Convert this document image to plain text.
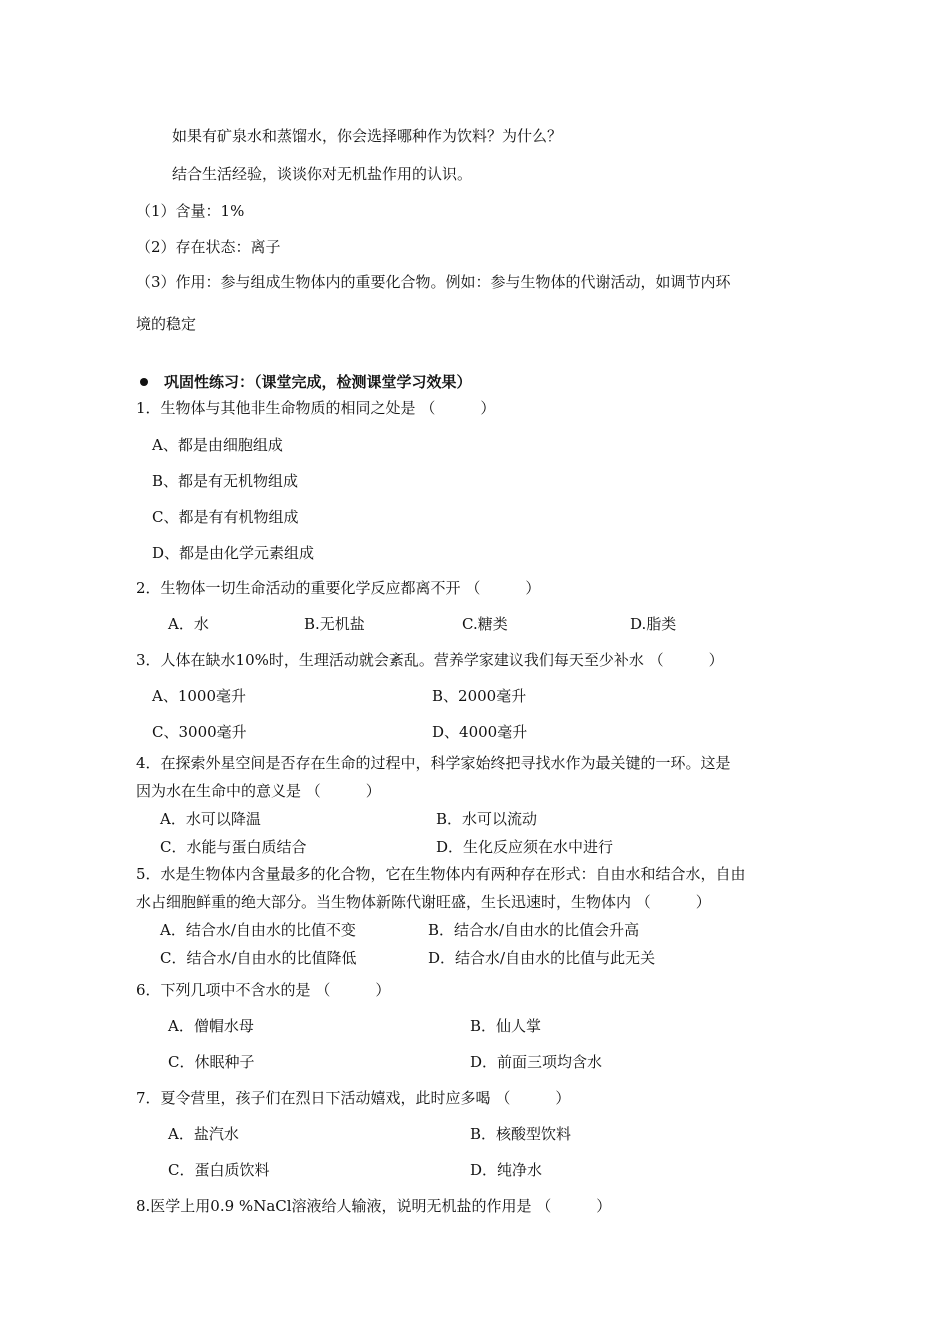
如果有矿泉水和蒸馏水，你会选择哪种作为饮料？为什么？
结合生活经验，谈谈你对无机盐作用的认识。
（1）含量：1%
（2）存在状态：离子
（3）作用：参与组成生物体内的重要化合物。例如：参与生物体的代谢活动，如调节内环
境的稳定
巩固性练习：（课堂完成，检测课堂学习效果）
1．生物体与其他非生命物质的相同之处是 （　　　）
A、都是由细胞组成
B、都是有无机物组成
C、都是有有机物组成
D、都是由化学元素组成
2．生物体一切生命活动的重要化学反应都离不开 （　　　）
A．水	B.无机盐	C.糖类	D.脂类
3．人体在缺水10%时，生理活动就会紊乱。营养学家建议我们每天至少补水 （　　　）
A、1000毫升	B、2000毫升
C、3000毫升	D、4000毫升
4．在探索外星空间是否存在生命的过程中，科学家始终把寻找水作为最关键的一环。这是
因为水在生命中的意义是 （　　　）
A．水可以降温	B．水可以流动
C．水能与蛋白质结合	D．生化反应须在水中进行
5．水是生物体内含量最多的化合物，它在生物体内有两种存在形式：自由水和结合水，自由
水占细胞鲜重的绝大部分。当生物体新陈代谢旺盛，生长迅速时，生物体内 （　　　）
A．结合水/自由水的比值不变	B．结合水/自由水的比值会升高
C．结合水/自由水的比值降低	D．结合水/自由水的比值与此无关
6．下列几项中不含水的是 （　　　）
A．僧帽水母	B．仙人掌
C．休眠种子	D．前面三项均含水
7．夏令营里，孩子们在烈日下活动嬉戏，此时应多喝 （　　　）
A．盐汽水	B．核酸型饮料
C．蛋白质饮料	D．纯净水
8.医学上用0.9 %NaCl溶液给人输液，说明无机盐的作用是 （　　　）
